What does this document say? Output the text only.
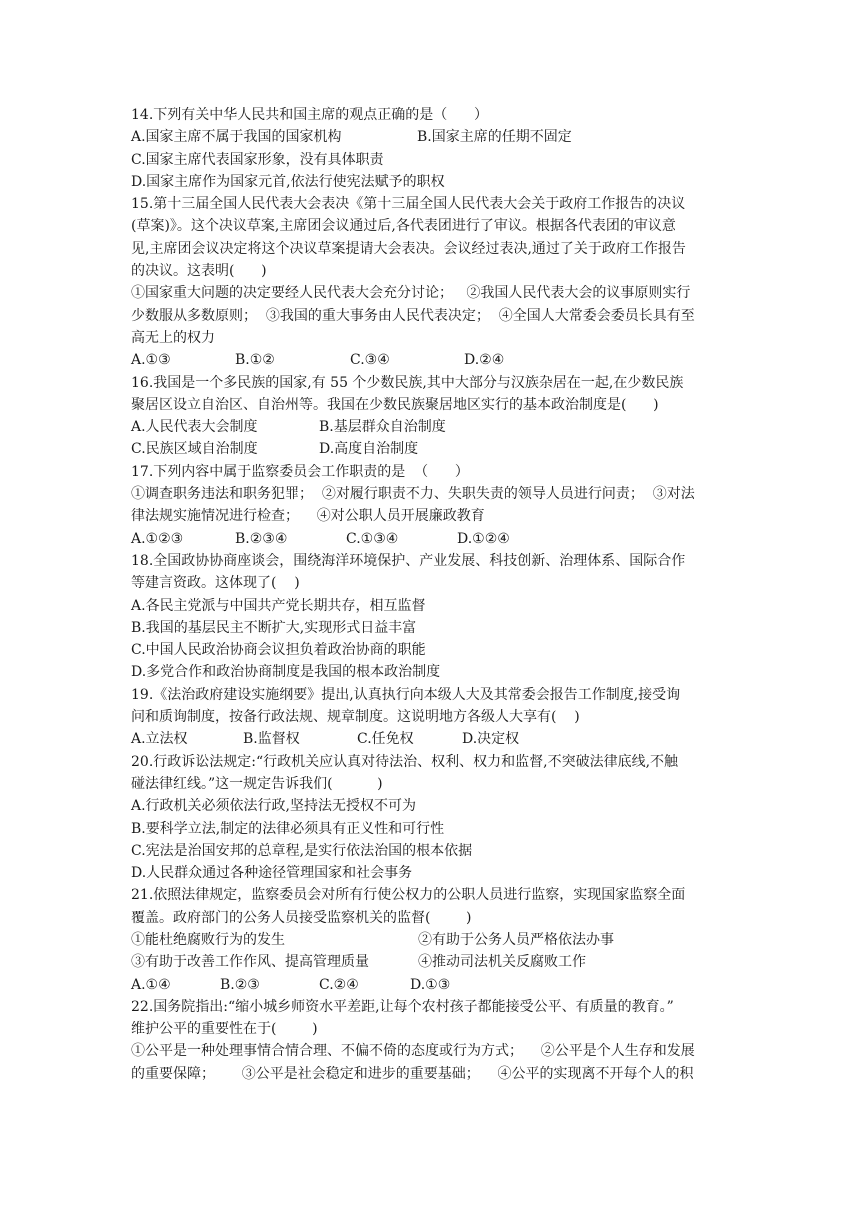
14.下列有关中华人民共和国主席的观点正确的是（      ）
A.国家主席不属于我国的国家机构	B.国家主席的任期不固定
C.国家主席代表国家形象，没有具体职责
D.国家主席作为国家元首,依法行使宪法赋予的职权
15.第十三届全国人民代表大会表决《第十三届全国人民代表大会关于政府工作报告的决议
(草案)》。这个决议草案,主席团会议通过后,各代表团进行了审议。根据各代表团的审议意
见,主席团会议决定将这个决议草案提请大会表决。会议经过表决,通过了关于政府工作报告
的决议。这表明(      )
①国家重大问题的决定要经人民代表大会充分讨论；   ②我国人民代表大会的议事原则实行
少数服从多数原则；  ③我国的重大事务由人民代表决定；  ④全国人大常委会委员长具有至
高无上的权力
A.①③	B.①②	C.③④	D.②④
16.我国是一个多民族的国家,有 55 个少数民族,其中大部分与汉族杂居在一起,在少数民族
聚居区设立自治区、自治州等。我国在少数民族聚居地区实行的基本政治制度是(      )
A.人民代表大会制度	B.基层群众自治制度
C.民族区域自治制度	D.高度自治制度
17.下列内容中属于监察委员会工作职责的是  （      ）
①调查职务违法和职务犯罪；  ②对履行职责不力、失职失责的领导人员进行问责；  ③对法
律法规实施情况进行检查；    ④对公职人员开展廉政教育
A.①②③	B.②③④	C.①③④	D.①②④
18.全国政协协商座谈会，围绕海洋环境保护、产业发展、科技创新、治理体系、国际合作
等建言资政。这体现了(    )
A.各民主党派与中国共产党长期共存，相互监督
B.我国的基层民主不断扩大,实现形式日益丰富
C.中国人民政治协商会议担负着政治协商的职能
D.多党合作和政治协商制度是我国的根本政治制度
19.《法治政府建设实施纲要》提出,认真执行向本级人大及其常委会报告工作制度,接受询
问和质询制度，按备行政法规、规章制度。这说明地方各级人大享有(    )
A.立法权	B.监督权	C.任免权	D.决定权
20.行政诉讼法规定:“行政机关应认真对待法治、权利、权力和监督,不突破法律底线,不触
碰法律红线。”这一规定告诉我们(          )
A.行政机关必须依法行政,坚持法无授权不可为
B.要科学立法,制定的法律必须具有正义性和可行性
C.宪法是治国安邦的总章程,是实行依法治国的根本依据
D.人民群众通过各种途径管理国家和社会事务
21.依照法律规定，监察委员会对所有行使公权力的公职人员进行监察，实现国家监察全面
覆盖。政府部门的公务人员接受监察机关的监督(        )
①能杜绝腐败行为的发生	②有助于公务人员严格依法办事
③有助于改善工作作风、提高管理质量	④推动司法机关反腐败工作
A.①④	B.②③	C.②④	D.①③
22.国务院指出:“缩小城乡师资水平差距,让每个农村孩子都能接受公平、有质量的教育。”
维护公平的重要性在于(        )
①公平是一种处理事情合情合理、不偏不倚的态度或行为方式；    ②公平是个人生存和发展
的重要保障；      ③公平是社会稳定和进步的重要基础；    ④公平的实现离不开每个人的积
